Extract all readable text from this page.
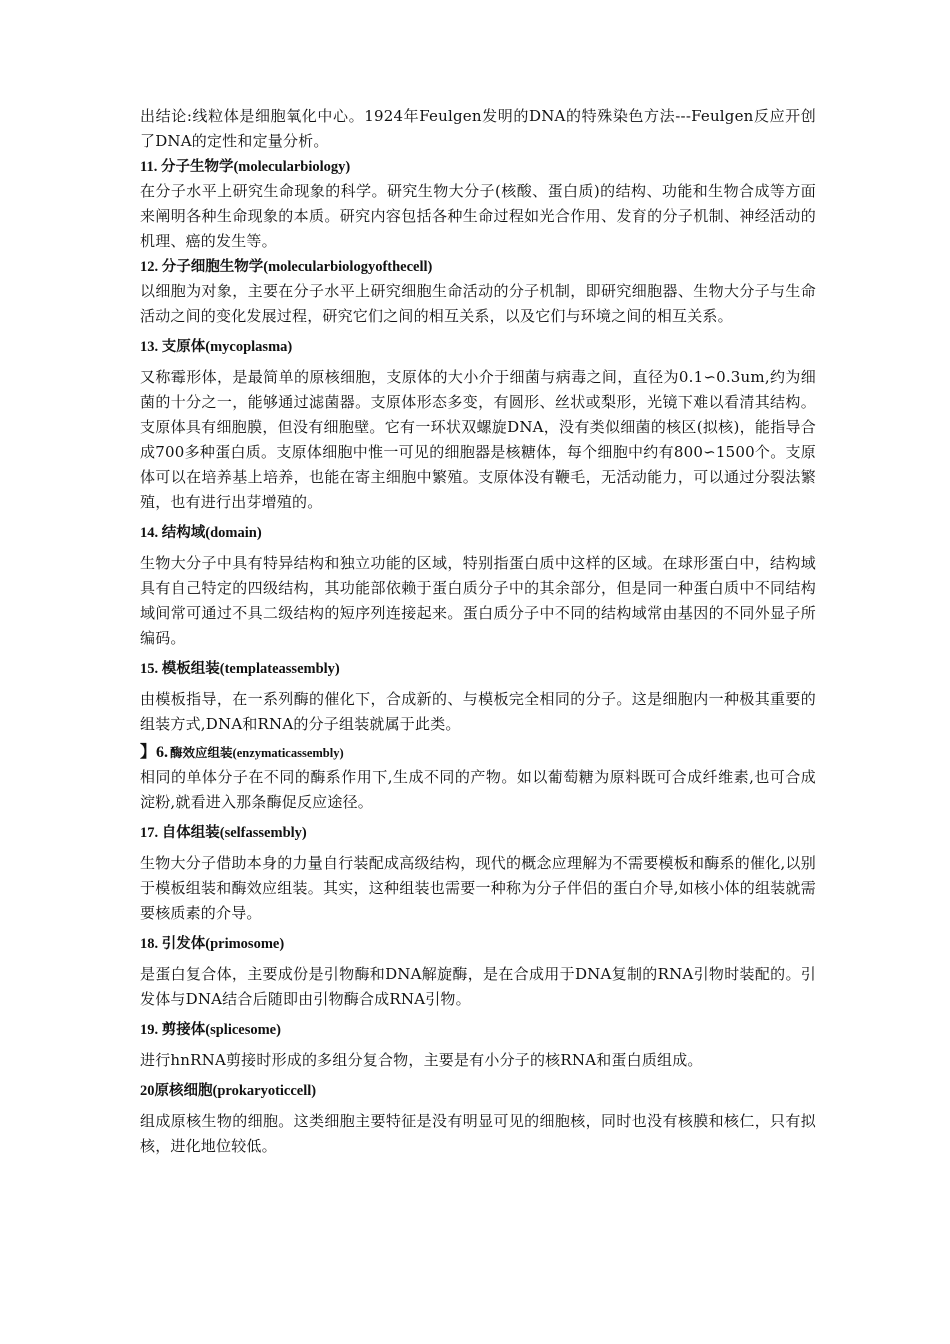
出结论:线粒体是细胞氧化中心。1924年Feulgen发明的DNA的特殊染色方法---Feulgen反应开创了DNA的定性和定量分析。

11. 分子生物学(molecularbiology)

在分子水平上研究生命现象的科学。研究生物大分子(核酸、蛋白质)的结构、功能和生物合成等方面来阐明各种生命现象的本质。研究内容包括各种生命过程如光合作用、发育的分子机制、神经活动的机理、癌的发生等。

12. 分子细胞生物学(molecularbiologyofthecell)

以细胞为对象，主要在分子水平上研究细胞生命活动的分子机制，即研究细胞器、生物大分子与生命活动之间的变化发展过程，研究它们之间的相互关系，以及它们与环境之间的相互关系。

13. 支原体(mycoplasma)

又称霉形体，是最简单的原核细胞，支原体的大小介于细菌与病毒之间，直径为0.1∽0.3um,约为细菌的十分之一，能够通过滤菌器。支原体形态多变，有圆形、丝状或梨形，光镜下难以看清其结构。支原体具有细胞膜，但没有细胞壁。它有一环状双螺旋DNA，没有类似细菌的核区(拟核)，能指导合成700多种蛋白质。支原体细胞中惟一可见的细胞器是核糖体，每个细胞中约有800∽1500个。支原体可以在培养基上培养，也能在寄主细胞中繁殖。支原体没有鞭毛，无活动能力，可以通过分裂法繁殖，也有进行出芽增殖的。

14. 结构域(domain)

生物大分子中具有特异结构和独立功能的区域，特别指蛋白质中这样的区域。在球形蛋白中，结构域具有自己特定的四级结构，其功能部依赖于蛋白质分子中的其余部分，但是同一种蛋白质中不同结构域间常可通过不具二级结构的短序列连接起来。蛋白质分子中不同的结构域常由基因的不同外显子所编码。

15. 模板组装(templateassembly)

由模板指导，在一系列酶的催化下，合成新的、与模板完全相同的分子。这是细胞内一种极其重要的组装方式,DNA和RNA的分子组装就属于此类。

】6. 酶效应组装(enzymaticassembly)

相同的单体分子在不同的酶系作用下,生成不同的产物。如以葡萄糖为原料既可合成纤维素,也可合成淀粉,就看进入那条酶促反应途径。

17. 自体组装(selfassembly)

生物大分子借助本身的力量自行装配成高级结构，现代的概念应理解为不需要模板和酶系的催化,以别于模板组装和酶效应组装。其实，这种组装也需要一种称为分子伴侣的蛋白介导,如核小体的组装就需要核质素的介导。

18. 引发体(primosome)

是蛋白复合体，主要成份是引物酶和DNA解旋酶，是在合成用于DNA复制的RNA引物时装配的。引发体与DNA结合后随即由引物酶合成RNA引物。

19. 剪接体(splicesome)

进行hnRNA剪接时形成的多组分复合物，主要是有小分子的核RNA和蛋白质组成。

20原核细胞(prokaryoticcell)

组成原核生物的细胞。这类细胞主要特征是没有明显可见的细胞核，同时也没有核膜和核仁，只有拟核，进化地位较低。
